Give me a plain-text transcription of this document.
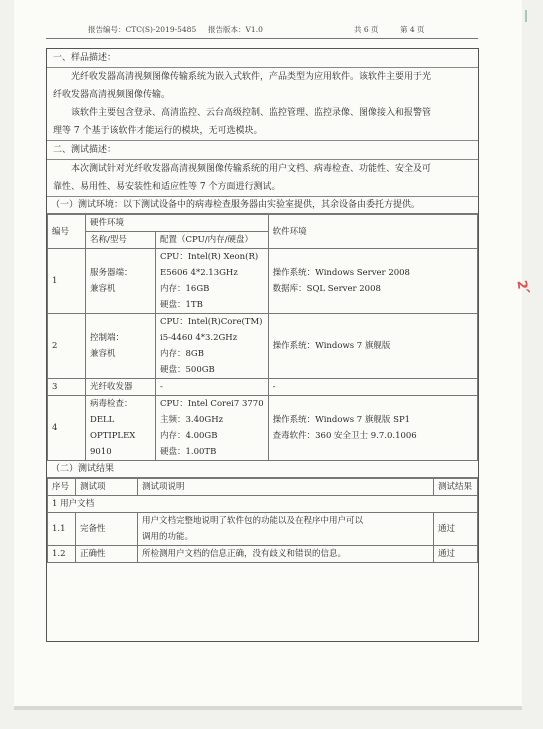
报告编号：CTC(S)-2019-5485 报告版本：V1.0	共 6 页	第 4 页
一、样品描述：
光纤收发器高清视频图像传输系统为嵌入式软件，产品类型为应用软件。该软件主要用于光
纤收发器高清视频图像传输。
该软件主要包含登录、高清监控、云台高级控制、监控管理、监控录像、图像接入和报警管
理等 7 个基于该软件才能运行的模块，无可选模块。
二、测试描述：
本次测试针对光纤收发器高清视频图像传输系统的用户文档、病毒检查、功能性、安全及可
靠性、易用性、易安装性和适应性等 7 个方面进行测试。
（一）测试环境：以下测试设备中的病毒检查服务器由实验室提供，其余设备由委托方提供。
编号	硬件环境		软件环境
	名称/型号	配置（CPU/内存/硬盘）	
1	服务器端：
兼容机	CPU：Intel(R) Xeon(R)
E5606 4*2.13GHz
内存：16GB
硬盘：1TB	操作系统：Windows Server 2008
数据库：SQL Server 2008

2	控制端：
兼容机	CPU：Intel(R)Core(TM)
i5-4460 4*3.2GHz
内存：8GB
硬盘：500GB	操作系统：Windows 7 旗舰版

3	光纤收发器	-	-
4	病毒检查：
DELL
OPTIPLEX
9010	CPU：Intel Corei7 3770
主频：3.40GHz
内存：4.00GB
硬盘：1.00TB	操作系统：Windows 7 旗舰版 SP1
查毒软件：360 安全卫士 9.7.0.1006
（二）测试结果
序号	测试项	测试项说明	测试结果
1 用户文档			
1.1	完备性	用户文档完整地说明了软件包的功能以及在程序中用户可以
调用的功能。	通过
1.2	正确性	所检测用户文档的信息正确，没有歧义和错误的信息。	通过
2、
